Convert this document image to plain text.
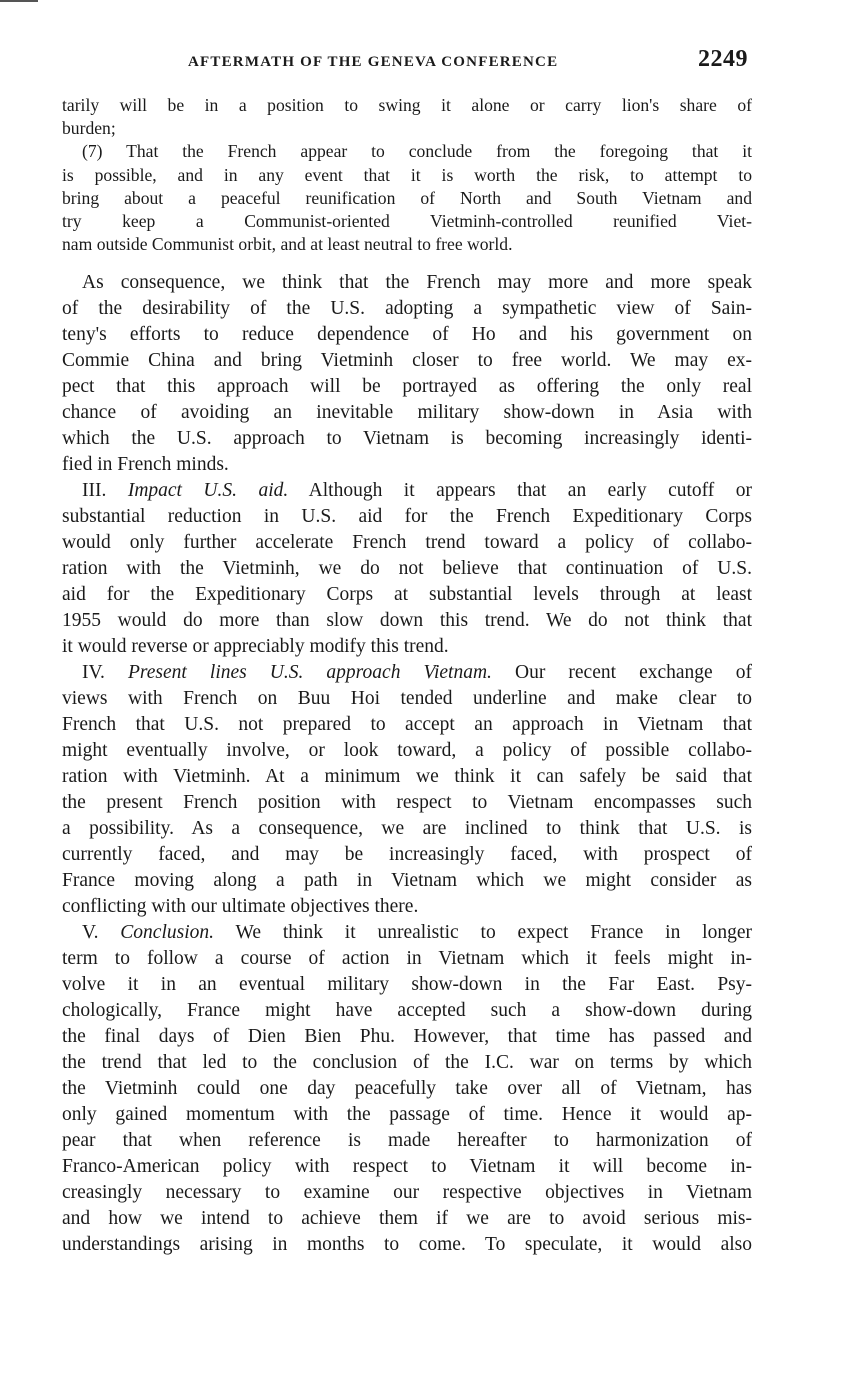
AFTERMATH OF THE GENEVA CONFERENCE	2249
tarily will be in a position to swing it alone or carry lion's share of
burden;
(7) That the French appear to conclude from the foregoing that it
is possible, and in any event that it is worth the risk, to attempt to
bring about a peaceful reunification of North and South Vietnam and
try keep a Communist-oriented Vietminh-controlled reunified Viet-
nam outside Communist orbit, and at least neutral to free world.
As consequence, we think that the French may more and more speak
of the desirability of the U.S. adopting a sympathetic view of Sain-
teny's efforts to reduce dependence of Ho and his government on
Commie China and bring Vietminh closer to free world. We may ex-
pect that this approach will be portrayed as offering the only real
chance of avoiding an inevitable military show-down in Asia with
which the U.S. approach to Vietnam is becoming increasingly identi-
fied in French minds.
III. Impact U.S. aid. Although it appears that an early cutoff or
substantial reduction in U.S. aid for the French Expeditionary Corps
would only further accelerate French trend toward a policy of collabo-
ration with the Vietminh, we do not believe that continuation of U.S.
aid for the Expeditionary Corps at substantial levels through at least
1955 would do more than slow down this trend. We do not think that
it would reverse or appreciably modify this trend.
IV. Present lines U.S. approach Vietnam. Our recent exchange of
views with French on Buu Hoi tended underline and make clear to
French that U.S. not prepared to accept an approach in Vietnam that
might eventually involve, or look toward, a policy of possible collabo-
ration with Vietminh. At a minimum we think it can safely be said that
the present French position with respect to Vietnam encompasses such
a possibility. As a consequence, we are inclined to think that U.S. is
currently faced, and may be increasingly faced, with prospect of
France moving along a path in Vietnam which we might consider as
conflicting with our ultimate objectives there.
V. Conclusion. We think it unrealistic to expect France in longer
term to follow a course of action in Vietnam which it feels might in-
volve it in an eventual military show-down in the Far East. Psy-
chologically, France might have accepted such a show-down during
the final days of Dien Bien Phu. However, that time has passed and
the trend that led to the conclusion of the I.C. war on terms by which
the Vietminh could one day peacefully take over all of Vietnam, has
only gained momentum with the passage of time. Hence it would ap-
pear that when reference is made hereafter to harmonization of
Franco-American policy with respect to Vietnam it will become in-
creasingly necessary to examine our respective objectives in Vietnam
and how we intend to achieve them if we are to avoid serious mis-
understandings arising in months to come. To speculate, it would also
